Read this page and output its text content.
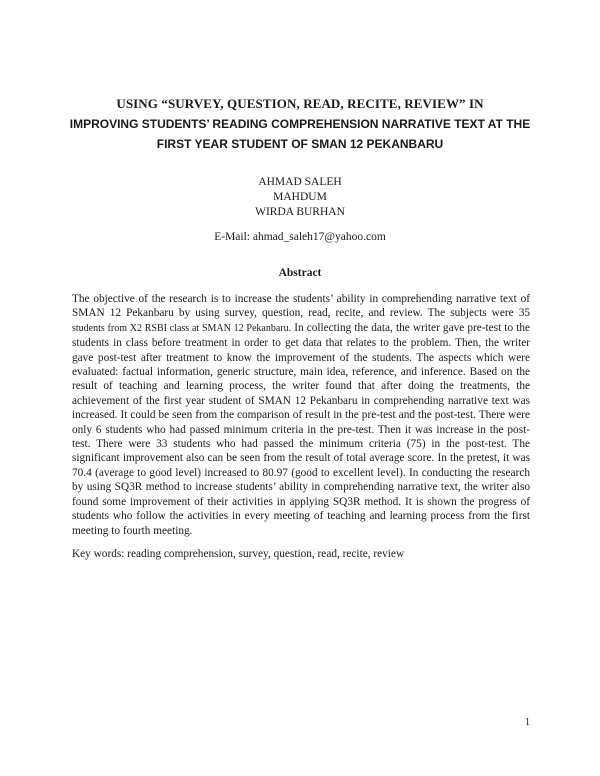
USING “SURVEY, QUESTION, READ, RECITE, REVIEW” IN
IMPROVING STUDENTS’ READING COMPREHENSION NARRATIVE TEXT AT THE
FIRST YEAR STUDENT OF SMAN 12 PEKANBARU
AHMAD SALEH
MAHDUM
WIRDA BURHAN
E-Mail: ahmad_saleh17@yahoo.com
Abstract

The objective of the research is to increase the students’ ability in comprehending narrative text of SMAN 12 Pekanbaru by using survey, question, read, recite, and review. The subjects were 35 students from X2 RSBI class at SMAN 12 Pekanbaru. In collecting the data, the writer gave pre-test to the students in class before treatment in order to get data that relates to the problem. Then, the writer gave post-test after treatment to know the improvement of the students. The aspects which were evaluated: factual information, generic structure, main idea, reference, and inference. Based on the result of teaching and learning process, the writer found that after doing the treatments, the achievement of the first year student of SMAN 12 Pekanbaru in comprehending narrative text was increased. It could be seen from the comparison of result in the pre-test and the post-test. There were only 6 students who had passed minimum criteria in the pre-test. Then it was increase in the post-test. There were 33 students who had passed the minimum criteria (75) in the post-test. The significant improvement also can be seen from the result of total average score. In the pretest, it was 70.4 (average to good level) increased to 80.97 (good to excellent level). In conducting the research by using SQ3R method to increase students’ ability in comprehending narrative text, the writer also found some improvement of their activities in applying SQ3R method. It is shown the progress of students who follow the activities in every meeting of teaching and learning process from the first meeting to fourth meeting.

Key words: reading comprehension, survey, question, read, recite, review
1
